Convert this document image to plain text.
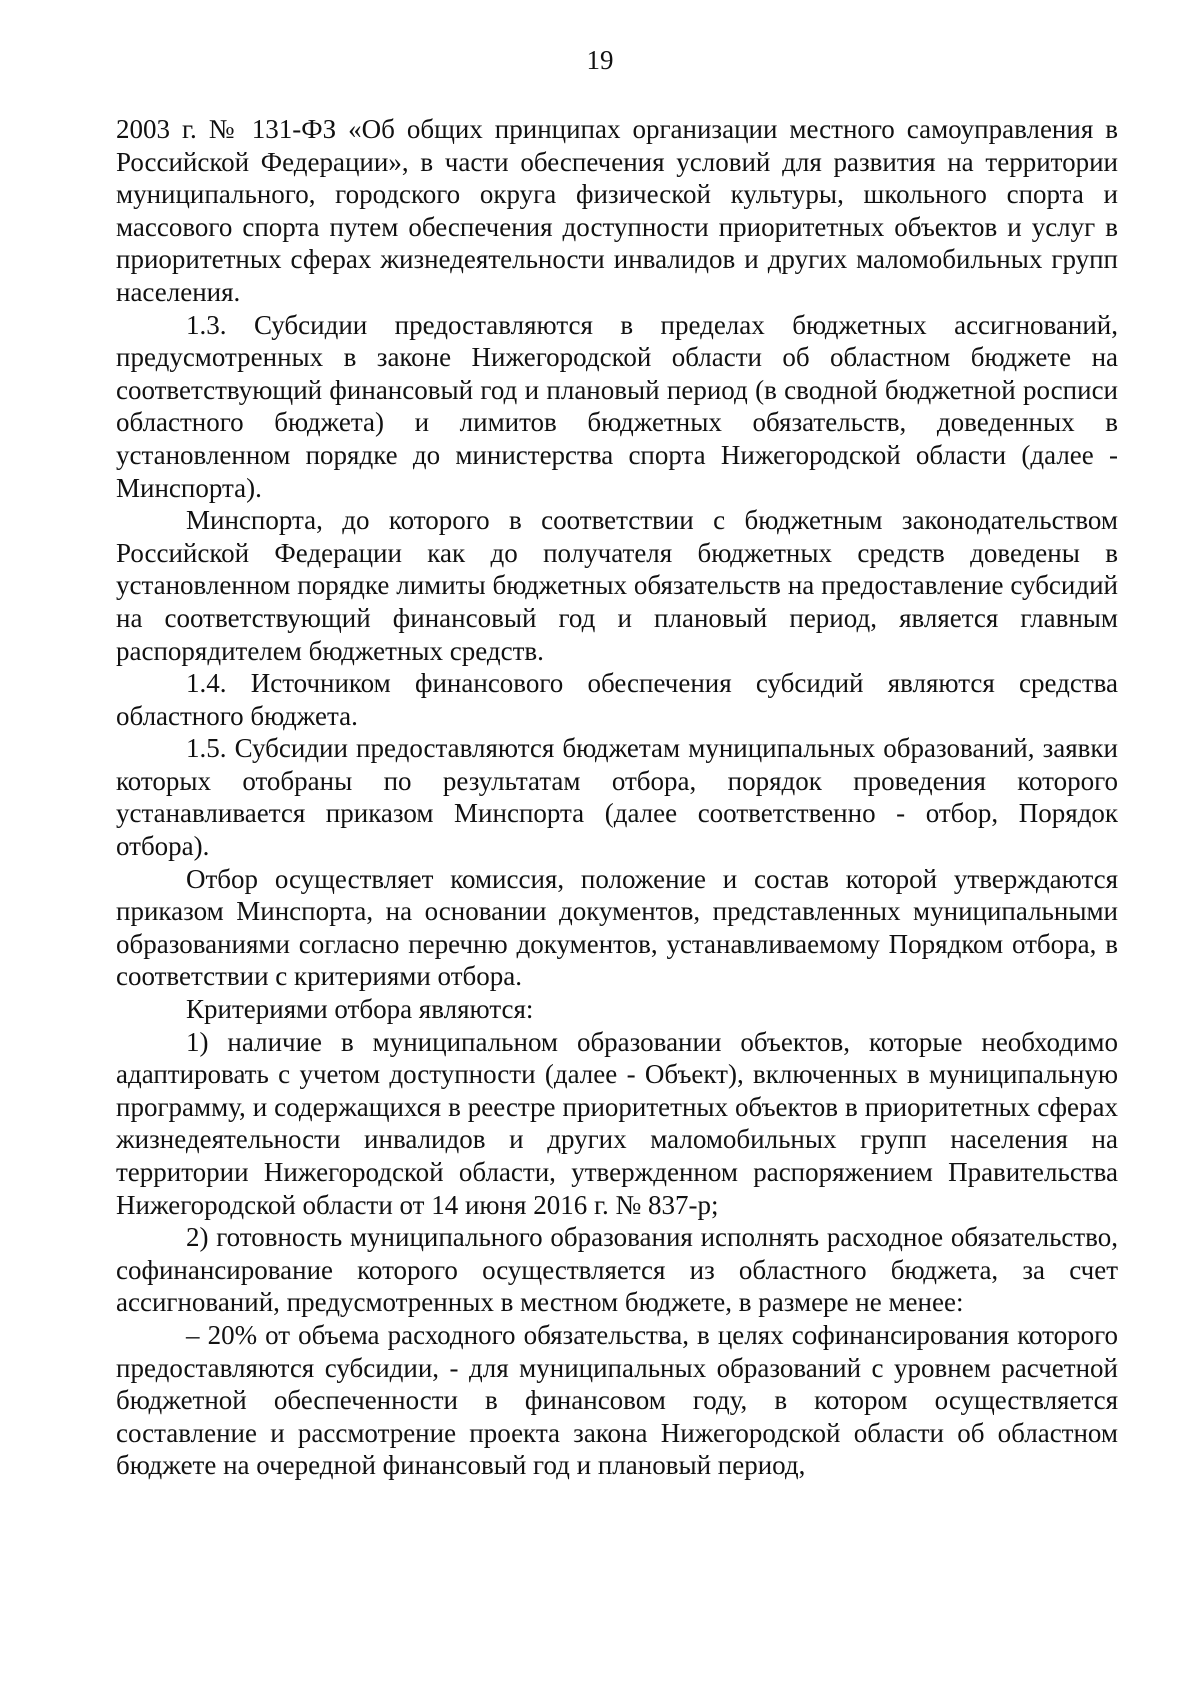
19

2003 г. № 131-ФЗ «Об общих принципах организации местного самоуправления в Российской Федерации», в части обеспечения условий для развития на территории муниципального, городского округа физической культуры, школьного спорта и массового спорта путем обеспечения доступности приоритетных объектов и услуг в приоритетных сферах жизнедеятельности инвалидов и других маломобильных групп населения.

1.3. Субсидии предоставляются в пределах бюджетных ассигнований, предусмотренных в законе Нижегородской области об областном бюджете на соответствующий финансовый год и плановый период (в сводной бюджетной росписи областного бюджета) и лимитов бюджетных обязательств, доведенных в установленном порядке до министерства спорта Нижегородской области (далее - Минспорта).

Минспорта, до которого в соответствии с бюджетным законодательством Российской Федерации как до получателя бюджетных средств доведены в установленном порядке лимиты бюджетных обязательств на предоставление субсидий на соответствующий финансовый год и плановый период, является главным распорядителем бюджетных средств.

1.4. Источником финансового обеспечения субсидий являются средства областного бюджета.

1.5. Субсидии предоставляются бюджетам муниципальных образований, заявки которых отобраны по результатам отбора, порядок проведения которого устанавливается приказом Минспорта (далее соответственно - отбор, Порядок отбора).

Отбор осуществляет комиссия, положение и состав которой утверждаются приказом Минспорта, на основании документов, представленных муниципальными образованиями согласно перечню документов, устанавливаемому Порядком отбора, в соответствии с критериями отбора.

Критериями отбора являются:

1) наличие в муниципальном образовании объектов, которые необходимо адаптировать с учетом доступности (далее - Объект), включенных в муниципальную программу, и содержащихся в реестре приоритетных объектов в приоритетных сферах жизнедеятельности инвалидов и других маломобильных групп населения на территории Нижегородской области, утвержденном распоряжением Правительства Нижегородской области от 14 июня 2016 г. № 837-р;

2) готовность муниципального образования исполнять расходное обязательство, софинансирование которого осуществляется из областного бюджета, за счет ассигнований, предусмотренных в местном бюджете, в размере не менее:

– 20% от объема расходного обязательства, в целях софинансирования которого предоставляются субсидии, - для муниципальных образований с уровнем расчетной бюджетной обеспеченности в финансовом году, в котором осуществляется составление и рассмотрение проекта закона Нижегородской области об областном бюджете на очередной финансовый год и плановый период,
